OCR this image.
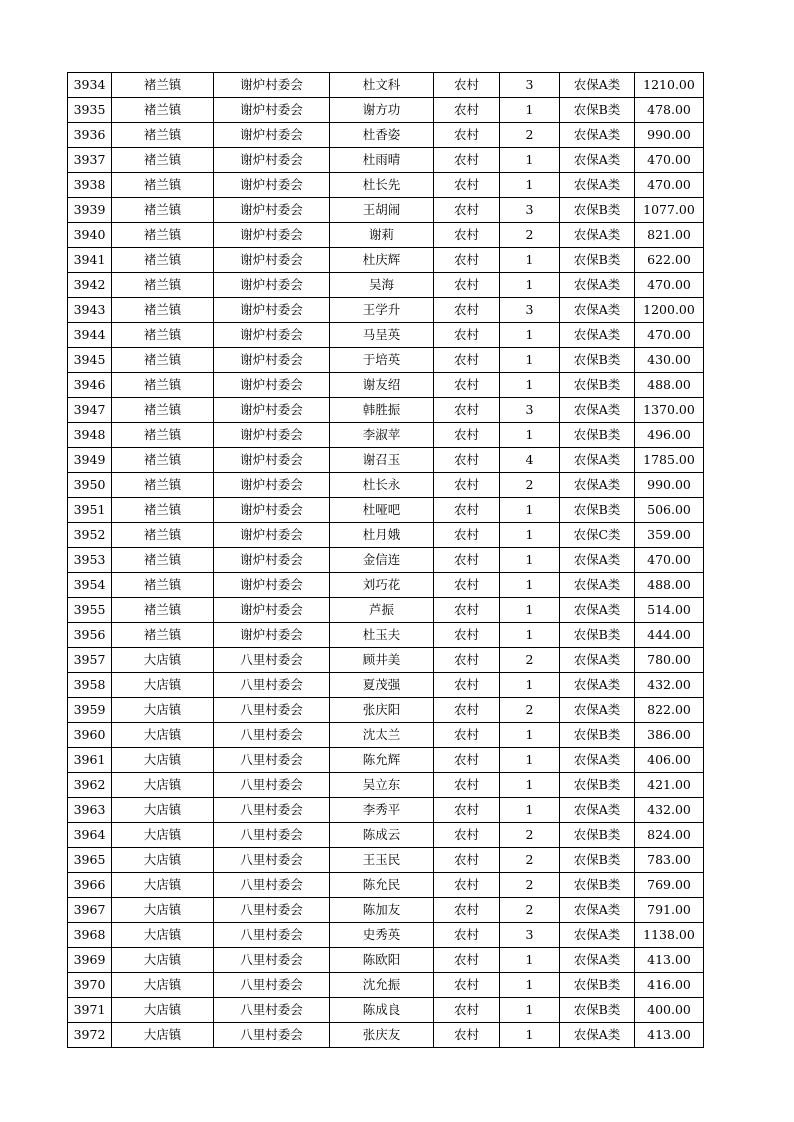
3934	褚兰镇	谢炉村委会	杜文科	农村	3	农保A类	1210.00
3935	褚兰镇	谢炉村委会	谢方功	农村	1	农保B类	478.00
3936	褚兰镇	谢炉村委会	杜香姿	农村	2	农保A类	990.00
3937	褚兰镇	谢炉村委会	杜雨晴	农村	1	农保A类	470.00
3938	褚兰镇	谢炉村委会	杜长先	农村	1	农保A类	470.00
3939	褚兰镇	谢炉村委会	王胡闹	农村	3	农保B类	1077.00
3940	褚兰镇	谢炉村委会	谢莉	农村	2	农保A类	821.00
3941	褚兰镇	谢炉村委会	杜庆辉	农村	1	农保B类	622.00
3942	褚兰镇	谢炉村委会	吴海	农村	1	农保A类	470.00
3943	褚兰镇	谢炉村委会	王学升	农村	3	农保A类	1200.00
3944	褚兰镇	谢炉村委会	马呈英	农村	1	农保A类	470.00
3945	褚兰镇	谢炉村委会	于培英	农村	1	农保B类	430.00
3946	褚兰镇	谢炉村委会	谢友绍	农村	1	农保B类	488.00
3947	褚兰镇	谢炉村委会	韩胜振	农村	3	农保A类	1370.00
3948	褚兰镇	谢炉村委会	李淑苹	农村	1	农保B类	496.00
3949	褚兰镇	谢炉村委会	谢召玉	农村	4	农保A类	1785.00
3950	褚兰镇	谢炉村委会	杜长永	农村	2	农保A类	990.00
3951	褚兰镇	谢炉村委会	杜哑吧	农村	1	农保B类	506.00
3952	褚兰镇	谢炉村委会	杜月娥	农村	1	农保C类	359.00
3953	褚兰镇	谢炉村委会	金信连	农村	1	农保A类	470.00
3954	褚兰镇	谢炉村委会	刘巧花	农村	1	农保A类	488.00
3955	褚兰镇	谢炉村委会	芦振	农村	1	农保A类	514.00
3956	褚兰镇	谢炉村委会	杜玉夫	农村	1	农保B类	444.00
3957	大店镇	八里村委会	顾井美	农村	2	农保A类	780.00
3958	大店镇	八里村委会	夏茂强	农村	1	农保A类	432.00
3959	大店镇	八里村委会	张庆阳	农村	2	农保A类	822.00
3960	大店镇	八里村委会	沈太兰	农村	1	农保B类	386.00
3961	大店镇	八里村委会	陈允辉	农村	1	农保A类	406.00
3962	大店镇	八里村委会	吴立东	农村	1	农保B类	421.00
3963	大店镇	八里村委会	李秀平	农村	1	农保A类	432.00
3964	大店镇	八里村委会	陈成云	农村	2	农保B类	824.00
3965	大店镇	八里村委会	王玉民	农村	2	农保B类	783.00
3966	大店镇	八里村委会	陈允民	农村	2	农保B类	769.00
3967	大店镇	八里村委会	陈加友	农村	2	农保A类	791.00
3968	大店镇	八里村委会	史秀英	农村	3	农保A类	1138.00
3969	大店镇	八里村委会	陈欧阳	农村	1	农保A类	413.00
3970	大店镇	八里村委会	沈允振	农村	1	农保B类	416.00
3971	大店镇	八里村委会	陈成良	农村	1	农保B类	400.00
3972	大店镇	八里村委会	张庆友	农村	1	农保A类	413.00
